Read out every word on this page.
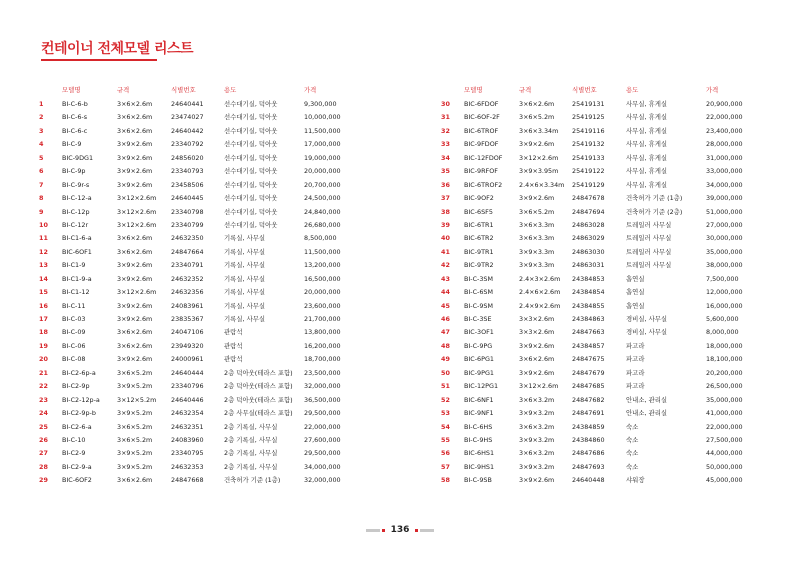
컨테이너 전체모델 리스트
모델명	규격	식별번호	용도	가격
1	BI-C-6-b	3×6×2.6m	24640441	선수대기실, 덕아웃	9,300,000
2	BI-C-6-s	3×6×2.6m	23474027	선수대기실, 덕아웃	10,000,000
3	BI-C-6-c	3×6×2.6m	24640442	선수대기실, 덕아웃	11,500,000
4	BI-C-9	3×9×2.6m	23340792	선수대기실, 덕아웃	17,000,000
5	BIC-9DG1	3×9×2.6m	24856020	선수대기실, 덕아웃	19,000,000
6	BI-C-9p	3×9×2.6m	23340793	선수대기실, 덕아웃	20,000,000
7	BI-C-9r-s	3×9×2.6m	23458506	선수대기실, 덕아웃	20,700,000
8	BI-C-12-a	3×12×2.6m 24640445	선수대기실, 덕아웃	24,500,000
9	BI-C-12p	3×12×2.6m 23340798	선수대기실, 덕아웃	24,840,000
10 BI-C-12r	3×12×2.6m 23340799	선수대기실, 덕아웃	26,680,000
11 BI-C1-6-a	3×6×2.6m	24632350	기록실, 사무실	8,500,000
12 BIC-6OF1	3×6×2.6m	24847664	기록실, 사무실	11,500,000
13 BI-C1-9	3×9×2.6m	23340791	기록실, 사무실	13,200,000
14 BI-C1-9-a	3×9×2.6m	24632352	기록실, 사무실	16,500,000
15 BI-C1-12	3×12×2.6m 24632356	기록실, 사무실	20,000,000
16 BI-C-11	3×9×2.6m	24083961	기록실, 사무실	23,600,000
17 BI-C-03	3×9×2.6m	23835367	기록실, 사무실	21,700,000
18 BI-C-09	3×6×2.6m	24047106	관람석	13,800,000
19 BI-C-06	3×6×2.6m	23949320	관람석	16,200,000
20 BI-C-08	3×9×2.6m	24000961	관람석	18,700,000
21 BI-C2-6p-a	3×6×5.2m	24640444	2층 덕아웃(테라스 포함) 23,500,000
22 BI-C2-9p	3×9×5.2m	23340796	2층 덕아웃(테라스 포함) 32,000,000
23 BI-C2-12p-a	3×12×5.2m 24640446	2층 덕아웃(테라스 포함) 36,500,000
24 BI-C2-9p-b	3×9×5.2m	24632354	2층 사무실(테라스 포함) 29,500,000
25 BI-C2-6-a	3×6×5.2m	24632351	2층 기록실, 사무실	22,000,000
26 BI-C-10	3×6×5.2m	24083960	2층 기록실, 사무실	27,600,000
27 BI-C2-9	3×9×5.2m	23340795	2층 기록실, 사무실	29,500,000
28 BI-C2-9-a	3×9×5.2m	24632353	2층 기록실, 사무실	34,000,000
29 BIC-6OF2	3×6×2.6m	24847668	건축허가 기준 (1층)	32,000,000
모델명	규격	식별번호	용도	가격
30 BIC-6FDOF	3×6×2.6m	25419131	사무실, 휴게실	20,900,000
31 BIC-6OF-2F	3×6×5.2m	25419125	사무실, 휴게실	22,000,000
32 BIC-6TROF	3×6×3.34m 25419116	사무실, 휴게실	23,400,000
33 BIC-9FDOF	3×9×2.6m	25419132	사무실, 휴게실	28,000,000
34 BIC-12FDOF	3×12×2.6m 25419133	사무실, 휴게실	31,000,000
35 BIC-9RFOF	3×9×3.95m 25419122	사무실, 휴게실	33,000,000
36 BIC-6TROF2	2.4×6×3.34m 25419129	사무실, 휴게실	34,000,000
37 BIC-9OF2	3×9×2.6m	24847678	건축허가 기준 (1층)	39,000,000
38 BIC-6SF5	3×6×5.2m	24847694	건축허가 기준 (2층)	51,000,000
39 BIC-6TR1	3×6×3.3m	24863028	트레일러 사무실	27,000,000
40 BIC-6TR2	3×6×3.3m	24863029	트레일러 사무실	30,000,000
41 BIC-9TR1	3×9×3.3m	24863030	트레일러 사무실	35,000,000
42 BIC-9TR2	3×9×3.3m	24863031	트레일러 사무실	38,000,000
43 BI-C-3SM	2.4×3×2.6m 24384853	흡연실	7,500,000
44 BI-C-6SM	2.4×6×2.6m 24384854	흡연실	12,000,000
45 BI-C-9SM	2.4×9×2.6m 24384855	흡연실	16,000,000
46 BI-C-3SE	3×3×2.6m	24384863	경비실, 사무실	5,600,000
47 BIC-3OF1	3×3×2.6m	24847663	경비실, 사무실	8,000,000
48 BI-C-9PG	3×9×2.6m	24384857	파고라	18,000,000
49 BIC-6PG1	3×6×2.6m	24847675	파고라	18,100,000
50 BIC-9PG1	3×9×2.6m	24847679	파고라	20,200,000
51 BIC-12PG1	3×12×2.6m 24847685	파고라	26,500,000
52 BIC-6NF1	3×6×3.2m	24847682	안내소, 관리실	35,000,000
53 BIC-9NF1	3×9×3.2m	24847691	안내소, 관리실	41,000,000
54 BI-C-6HS	3×6×3.2m	24384859	숙소	22,000,000
55 BI-C-9HS	3×9×3.2m	24384860	숙소	27,500,000
56 BIC-6HS1	3×6×3.2m	24847686	숙소	44,000,000
57 BIC-9HS1	3×9×3.2m	24847693	숙소	50,000,000
58 BI-C-9SB	3×9×2.6m	24640448	샤워장	45,000,000
136
